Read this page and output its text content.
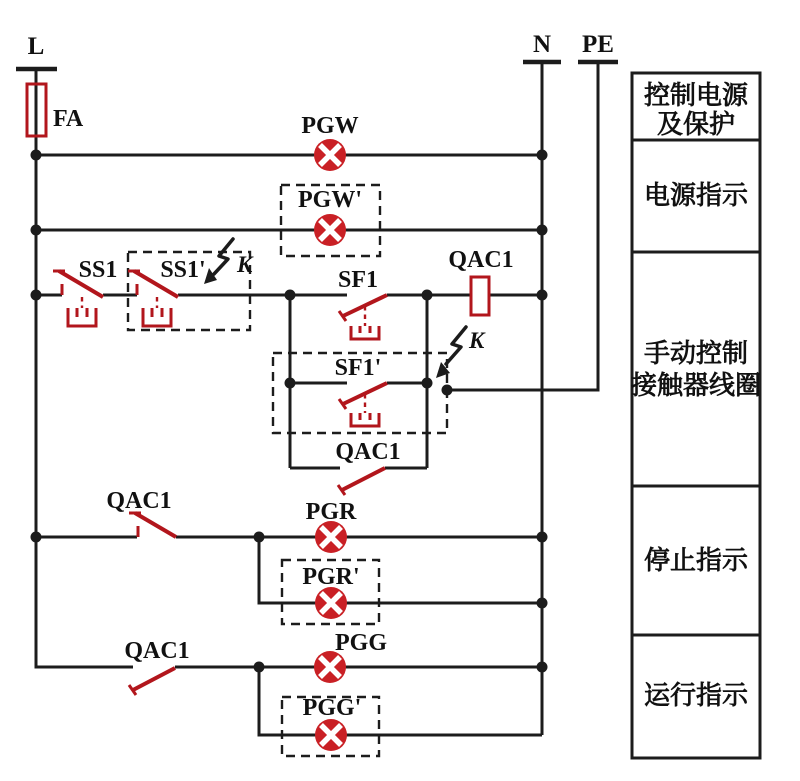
L	N PE
FA
SS1 SS1' K
SF1
SF1'
K
QAC1
QAC1
QAC1
QAC1
PGW
PGW'
PGR
PGR'
PGG
PGG'
控制电源
及保护
电源指示
手动控制
接触器线圈
停止指示
运行指示
